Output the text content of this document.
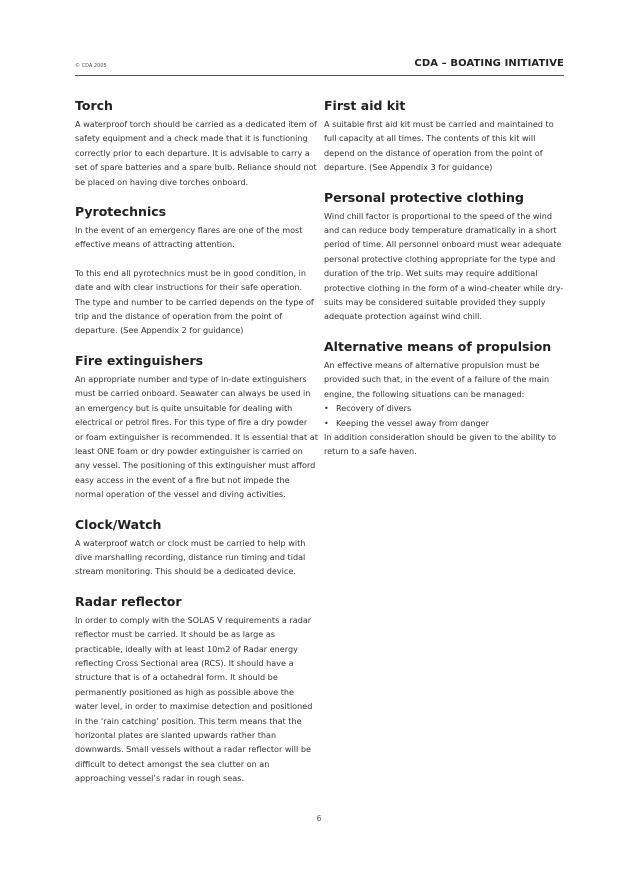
© CDA 2005	CDA – BOATING INITIATIVE
Torch

A waterproof torch should be carried as a dedicated item of safety equipment and a check made that it is functioning correctly prior to each departure. It is advisable to carry a set of spare batteries and a spare bulb. Reliance should not be placed on having dive torches onboard.

Pyrotechnics

In the event of an emergency flares are one of the most effective means of attracting attention.

To this end all pyrotechnics must be in good condition, in date and with clear instructions for their safe operation. The type and number to be carried depends on the type of trip and the distance of operation from the point of departure. (See Appendix 2 for guidance)

Fire extinguishers

An appropriate number and type of in-date extinguishers must be carried onboard. Seawater can always be used in an emergency but is quite unsuitable for dealing with electrical or petrol fires. For this type of fire a dry powder or foam extinguisher is recommended. It is essential that at least ONE foam or dry powder extinguisher is carried on any vessel. The positioning of this extinguisher must afford easy access in the event of a fire but not impede the normal operation of the vessel and diving activities.

Clock/Watch

A waterproof watch or clock must be carried to help with dive marshalling recording, distance run timing and tidal stream monitoring. This should be a dedicated device.

Radar reflector

In order to comply with the SOLAS V requirements a radar reflector must be carried. It should be as large as practicable, ideally with at least 10m2 of Radar energy reflecting Cross Sectional area (RCS). It should have a structure that is of a octahedral form. It should be permanently positioned as high as possible above the water level, in order to maximise detection and positioned in the ‘rain catching’ position. This term means that the horizontal plates are slanted upwards rather than downwards. Small vessels without a radar reflector will be difficult to detect amongst the sea clutter on an approaching vessel’s radar in rough seas.

First aid kit

A suitable first aid kit must be carried and maintained to full capacity at all times. The contents of this kit will depend on the distance of operation from the point of departure. (See Appendix 3 for guidance)

Personal protective clothing

Wind chill factor is proportional to the speed of the wind and can reduce body temperature dramatically in a short period of time. All personnel onboard must wear adequate personal protective clothing appropriate for the type and duration of the trip. Wet suits may require additional protective clothing in the form of a wind-cheater while dry-suits may be considered suitable provided they supply adequate protection against wind chill.

Alternative means of propulsion

An effective means of alternative propulsion must be provided such that, in the event of a failure of the main engine, the following situations can be managed:

• Recovery of divers
• Keeping the vessel away from danger

In addition consideration should be given to the ability to return to a safe haven.

6
